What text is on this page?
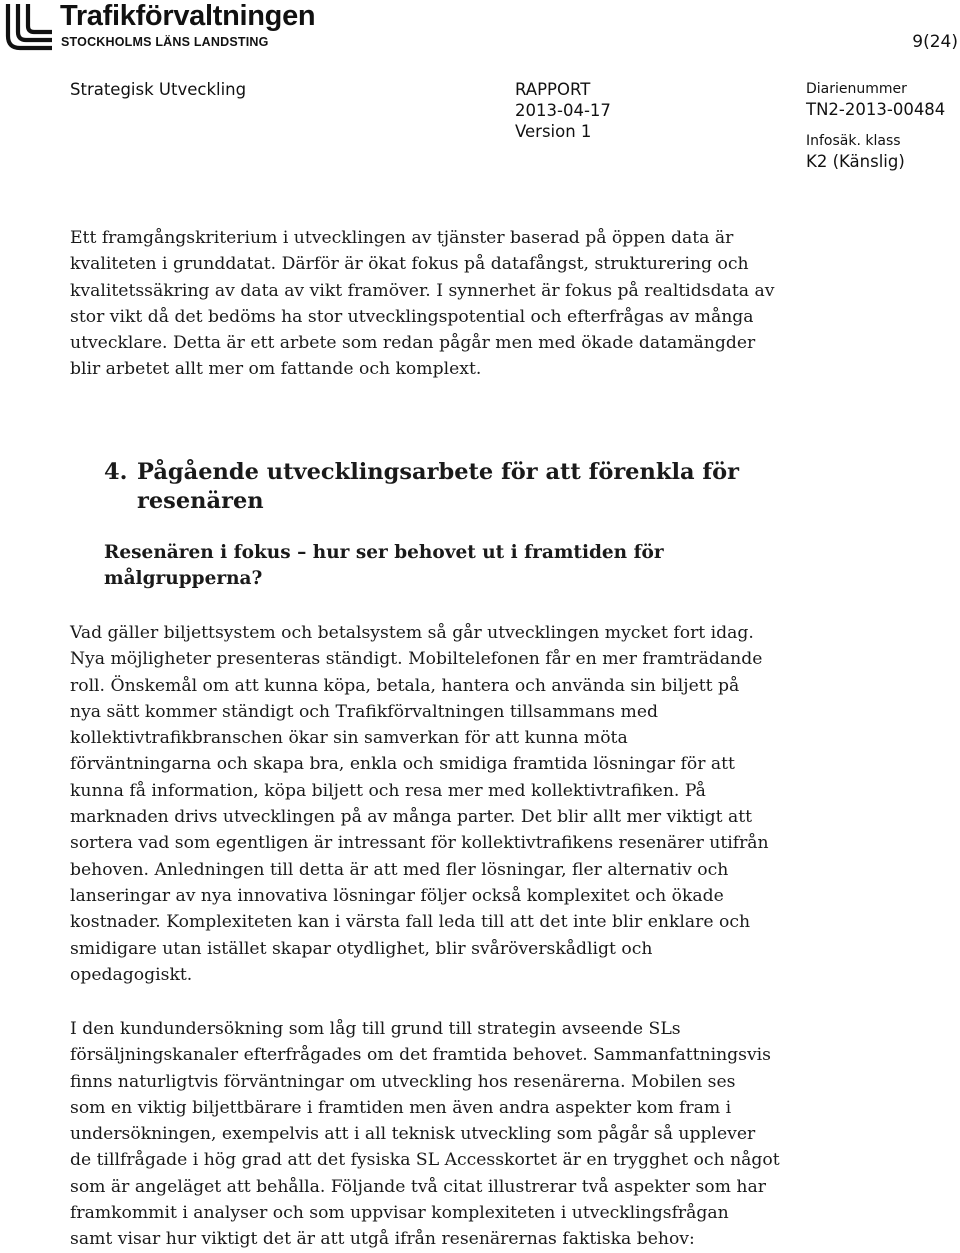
Trafikförvaltningen
STOCKHOLMS LÄNS LANDSTING	9(24)
Strategisk Utveckling	RAPPORT
2013-04-17
Version 1
Diarienummer
TN2-2013-00484
Infosäk. klass
K2 (Känslig)
Ett framgångskriterium i utvecklingen av tjänster baserad på öppen data är
kvaliteten i grunddatat. Därför är ökat fokus på datafångst, strukturering och
kvalitetssäkring av data av vikt framöver. I synnerhet är fokus på realtidsdata av
stor vikt då det bedöms ha stor utvecklingspotential och efterfrågas av många
utvecklare. Detta är ett arbete som redan pågår men med ökade datamängder
blir arbetet allt mer om fattande och komplext.
4. Pågående utvecklingsarbete för att förenkla för
resenären
Resenären i fokus – hur ser behovet ut i framtiden för
målgrupperna?
Vad gäller biljettsystem och betalsystem så går utvecklingen mycket fort idag.
Nya möjligheter presenteras ständigt. Mobiltelefonen får en mer framträdande
roll. Önskemål om att kunna köpa, betala, hantera och använda sin biljett på
nya sätt kommer ständigt och Trafikförvaltningen tillsammans med
kollektivtrafikbranschen ökar sin samverkan för att kunna möta
förväntningarna och skapa bra, enkla och smidiga framtida lösningar för att
kunna få information, köpa biljett och resa mer med kollektivtrafiken. På
marknaden drivs utvecklingen på av många parter. Det blir allt mer viktigt att
sortera vad som egentligen är intressant för kollektivtrafikens resenärer utifrån
behoven. Anledningen till detta är att med fler lösningar, fler alternativ och
lanseringar av nya innovativa lösningar följer också komplexitet och ökade
kostnader. Komplexiteten kan i värsta fall leda till att det inte blir enklare och
smidigare utan istället skapar otydlighet, blir svåröverskådligt och
opedagogiskt.
I den kundundersökning som låg till grund till strategin avseende SLs
försäljningskanaler efterfrågades om det framtida behovet. Sammanfattningsvis
finns naturligtvis förväntningar om utveckling hos resenärerna. Mobilen ses
som en viktig biljettbärare i framtiden men även andra aspekter kom fram i
undersökningen, exempelvis att i all teknisk utveckling som pågår så upplever
de tillfrågade i hög grad att det fysiska SL Accesskortet är en trygghet och något
som är angeläget att behålla. Följande två citat illustrerar två aspekter som har
framkommit i analyser och som uppvisar komplexiteten i utvecklingsfrågan
samt visar hur viktigt det är att utgå ifrån resenärernas faktiska behov:
